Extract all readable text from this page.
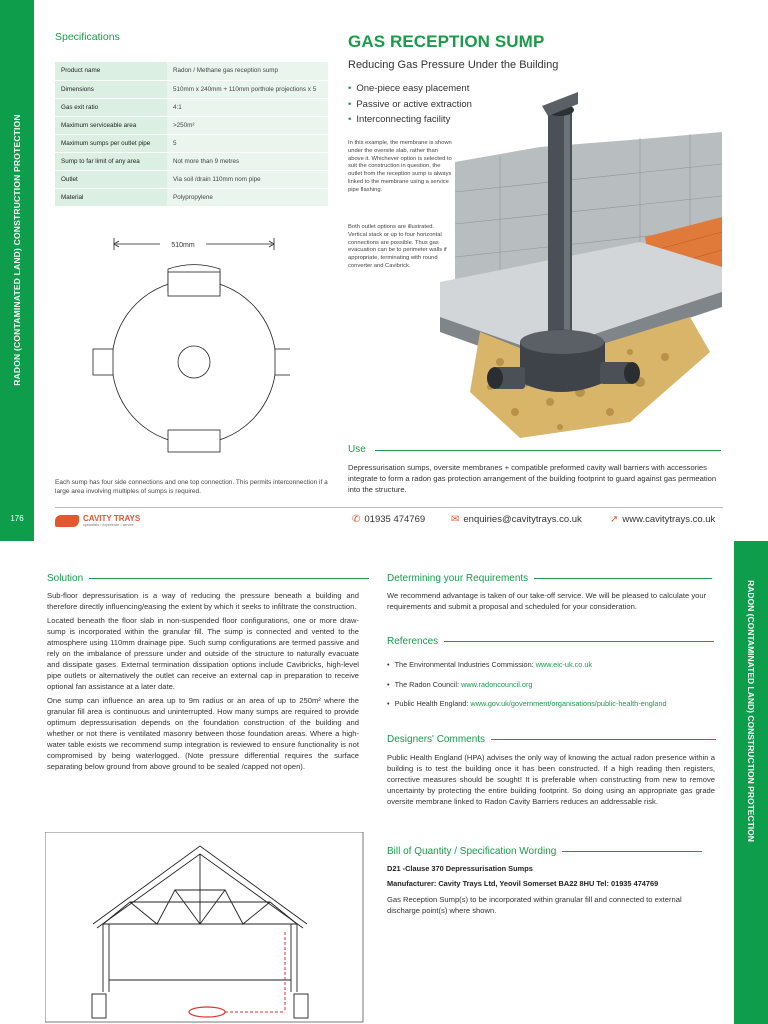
RADON (CONTAMINATED LAND) CONSTRUCTION PROTECTION
176
RADON (CONTAMINATED LAND) CONSTRUCTION PROTECTION
Specifications
Product name	Radon / Methane gas reception sump
Dimensions	510mm x 240mm + 110mm porthole projections x 5
Gas exit ratio	4:1
Maximum serviceable area	>250m²
Maximum sumps per outlet pipe	5
Sump to far limit of any area	Not more than 9 metres
Outlet	Via soil /drain 110mm nom pipe
Material	Polypropylene
510mm
Each sump has four side connections and one top connection. This permits interconnection if a large area involving multiples of sumps is required.
GAS RECEPTION SUMP
Reducing Gas Pressure Under the Building
• One-piece easy placement
• Passive or active extraction
• Interconnecting facility
In this example, the membrane is shown under the oversite slab, rather than above it. Whichever option is selected to suit the construction in question, the outlet from the reception sump is always linked to the membrane using a service pipe flashing.
Both outlet options are illustrated. Vertical stack or up to four horizontal connections are possible. Thus gas evacuation can be to perimeter walls if appropriate, terminating with round converter and Cavibrick.
Use
Depressurisation sumps, oversite membranes + compatible preformed cavity wall barriers with accessories integrate to form a radon gas protection arrangement of the building footprint to guard against gas permeation into the structure.
CAVITY TRAYS
specialists • experience • service	✆ 01935 474769	✉ enquiries@cavitytrays.co.uk	➚ www.cavitytrays.co.uk
Solution

Sub-floor depressurisation is a way of reducing the pressure beneath a building and therefore directly influencing/easing the extent by which it seeks to infiltrate the construction.

Located beneath the floor slab in non-suspended floor configurations, one or more draw-sump is incorporated within the granular fill. The sump is connected and vented to the atmosphere using 110mm drainage pipe. Such sump configurations are termed passive and rely on the imbalance of pressure under and outside of the structure to naturally evacuate and dissipate gases. External termination dissipation options include Cavibricks, high-level pipe outlets or alternatively the outlet can receive an external cap in preparation to receive optional fan assistance at a later date.

One sump can influence an area up to 9m radius or an area of up to 250m² where the granular fill area is continuous and uninterrupted. How many sumps are required to provide optimum depressurisation depends on the foundation construction of the building and whether or not there is ventilated masonry between those foundation areas. Where a high-water table exists we recommend sump integration is reviewed to ensure functionality is not compromised by being waterlogged. (Note pressure differential requires the surface separating below ground from above ground to be sealed /capped not open).

Determining your Requirements
We recommend advantage is taken of our take-off service. We will be pleased to calculate your requirements and submit a proposal and scheduled for your consideration.
References
• The Environmental Industries Commission: www.eic-uk.co.uk
• The Radon Council: www.radoncouncil.org
• Public Health England: www.gov.uk/government/organisations/public-health-england
Designers' Comments
Public Health England (HPA) advises the only way of knowing the actual radon presence within a building is to test the building once it has been constructed. If a high reading then registers, corrective measures should be sought! It is preferable when constructing from new to remove uncertainty by protecting the entire building footprint. So doing using an appropriate gas grade oversite membrane linked to Radon Cavity Barriers reduces an addressable risk.
Bill of Quantity / Specification Wording
D21 -Clause 370 Depressurisation Sumps
Manufacturer: Cavity Trays Ltd, Yeovil Somerset BA22 8HU Tel: 01935 474769
Gas Reception Sump(s) to be incorporated within granular fill and connected to external discharge point(s) where shown.
